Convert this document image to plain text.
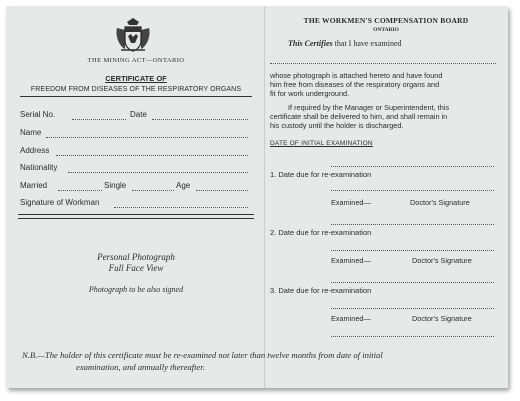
THE MINING ACT—ONTARIO
CERTIFICATE OF
FREEDOM FROM DISEASES OF THE RESPIRATORY ORGANS
Serial No.	Date
Name
Address
Nationality
Married	Single	Age
Signature of Workman
Personal Photograph
Full Face View
Photograph to be also signed
THE WORKMEN'S COMPENSATION BOARD
ONTARIO
This Certifies that I have examined
whose photograph is attached hereto and have found
him free from diseases of the respiratory organs and
fit for work underground.
If required by the Manager or Superintendent, this
certificate shall be delivered to him, and shall remain in
his custody until the holder is discharged.
DATE OF INITIAL EXAMINATION
1. Date due for re-examination
Examined—	Doctor's Signature
2. Date due for re-examination
Examined—	Doctor's Signature
3. Date due for re-examination
Examined—	Doctor's Signature
N.B.—The holder of this certificate must be re-examined not later than twelve months from date of initial
examination, and annually thereafter.
